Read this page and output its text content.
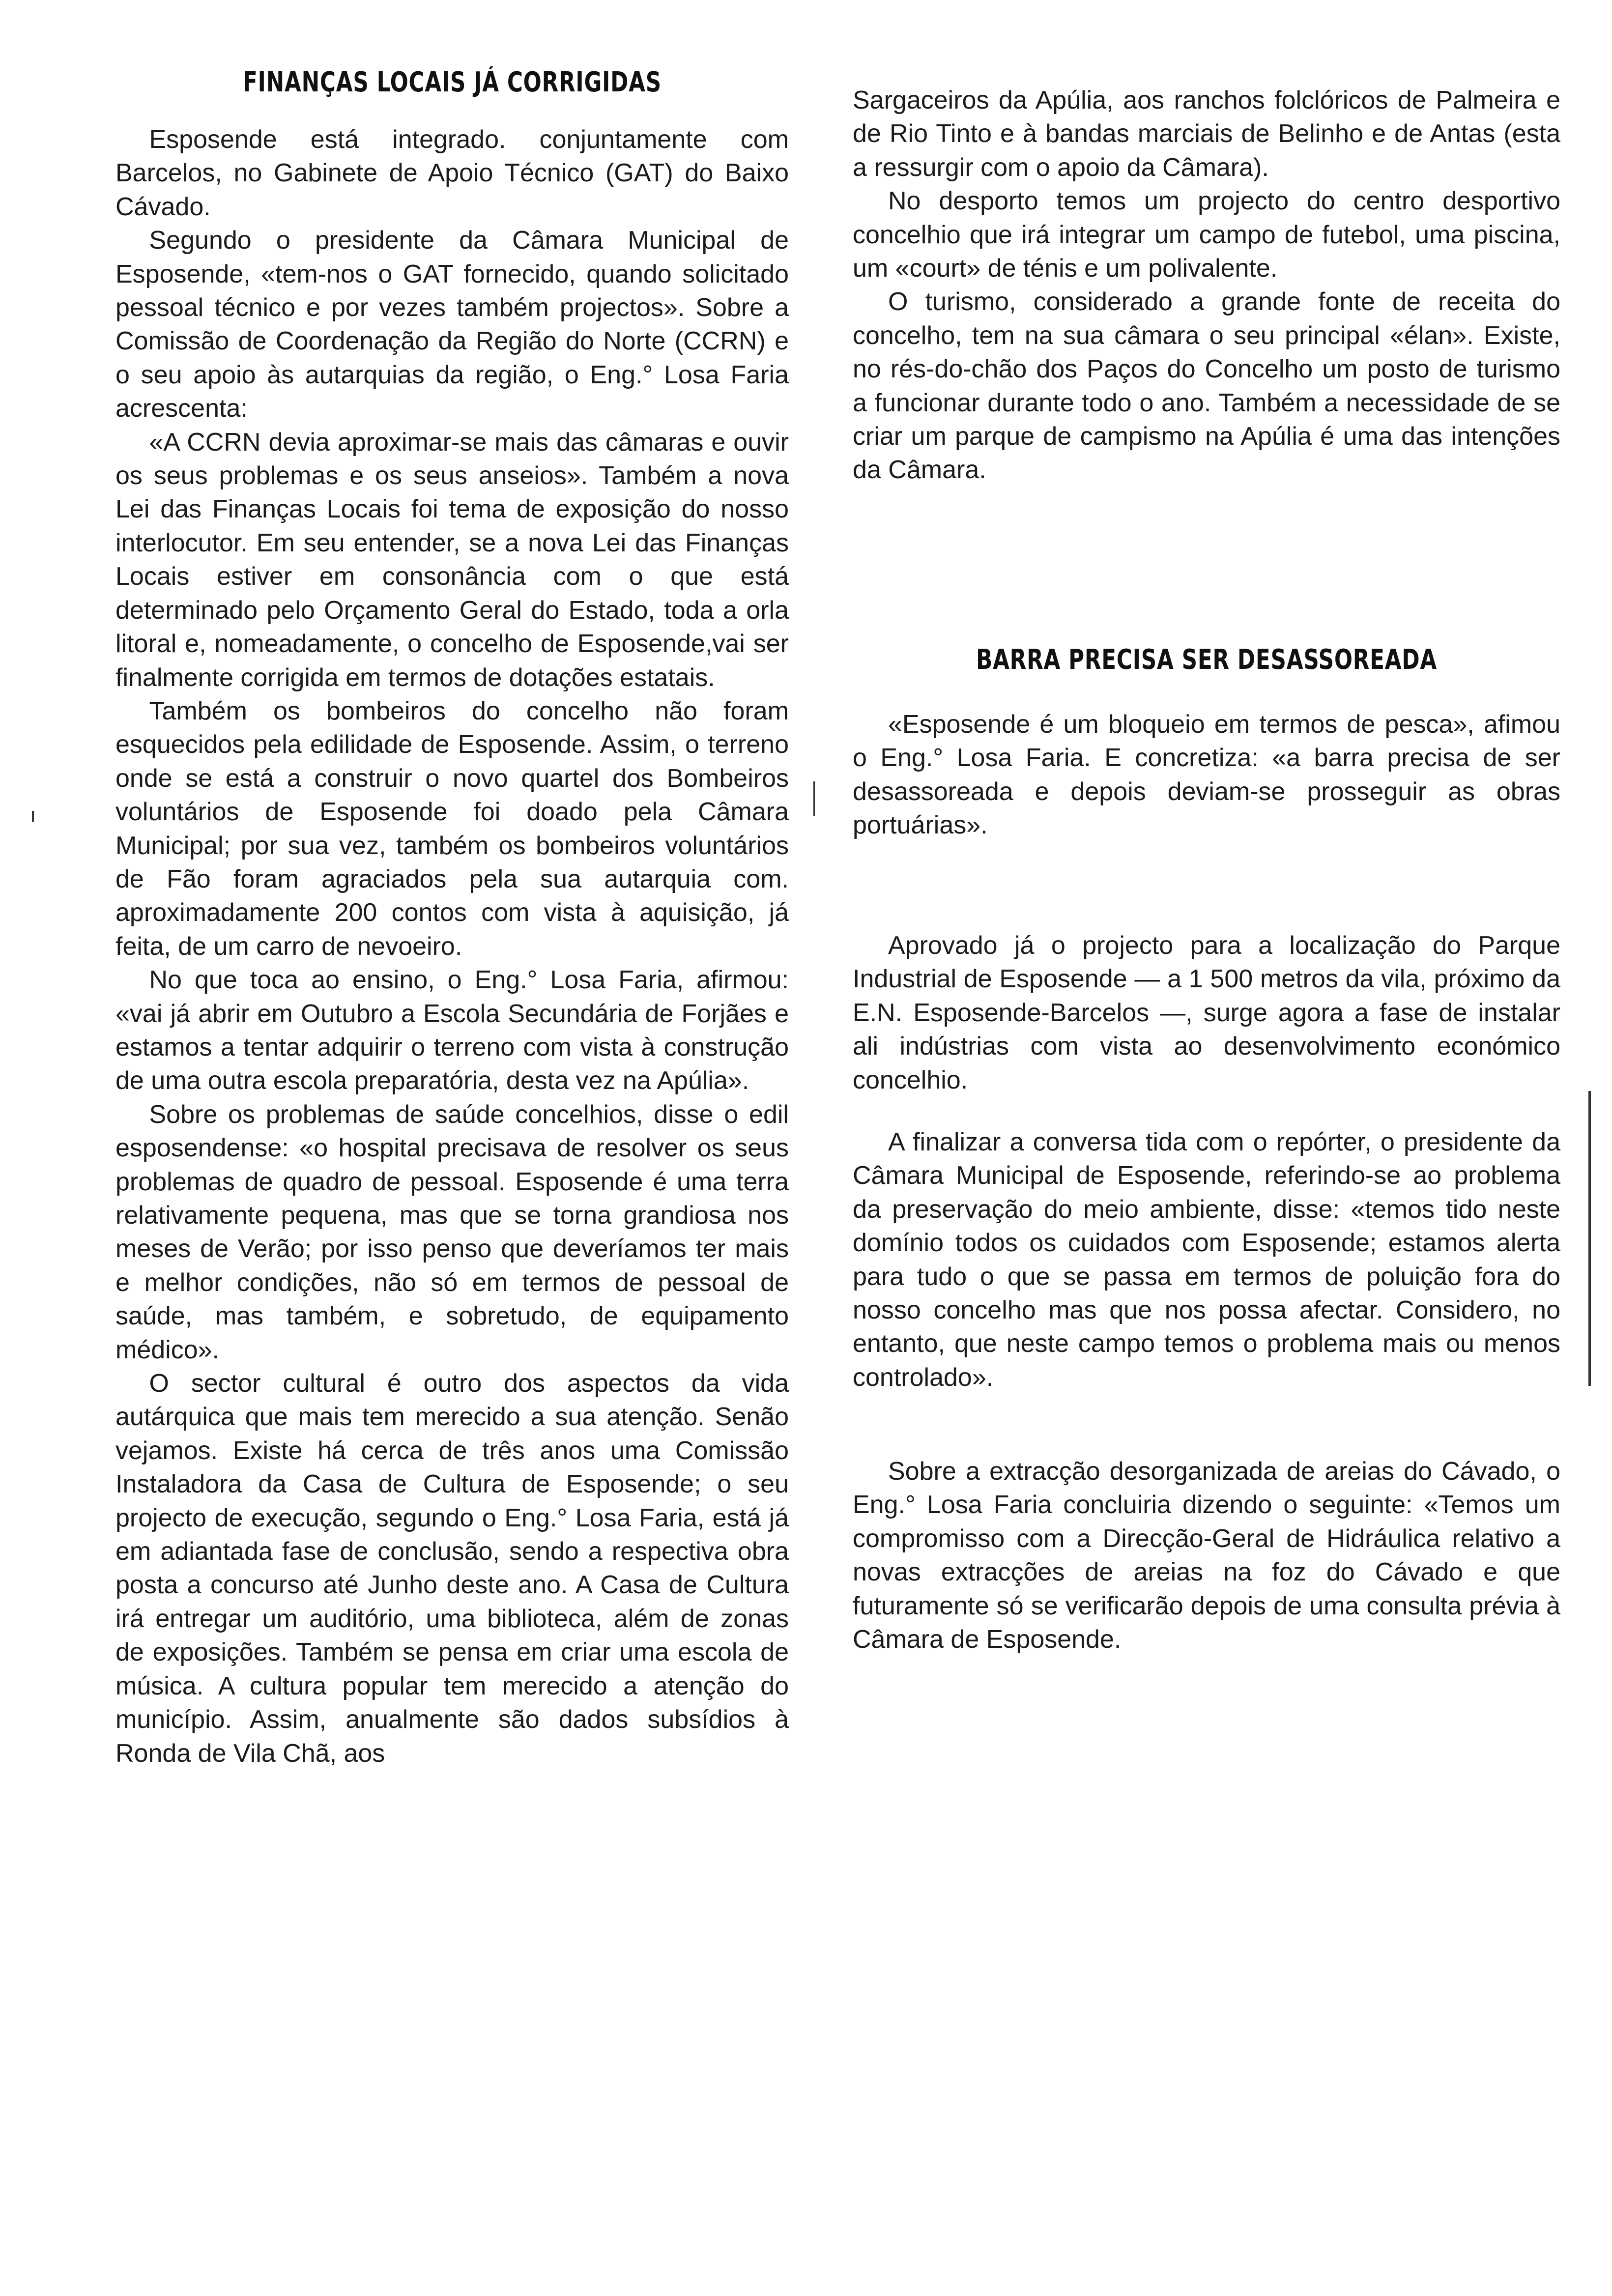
FINANÇAS LOCAIS JÁ CORRIGIDAS

Esposende está integrado. conjuntamente com Barcelos, no Gabinete de Apoio Técnico (GAT) do Baixo Cávado.

Segundo o presidente da Câmara Municipal de Esposende, «tem-nos o GAT fornecido, quando solicitado pessoal técnico e por vezes também projectos». Sobre a Comissão de Coordenação da Região do Norte (CCRN) e o seu apoio às autarquias da região, o Eng.° Losa Faria acrescenta:

«A CCRN devia aproximar-se mais das câmaras e ouvir os seus problemas e os seus anseios». Também a nova Lei das Finanças Locais foi tema de exposição do nosso interlocutor. Em seu entender, se a nova Lei das Finanças Locais estiver em consonância com o que está determinado pelo Orçamento Geral do Estado, toda a orla litoral e, nomeadamente, o concelho de Esposende,vai ser finalmente corrigida em termos de dotações estatais.

Também os bombeiros do concelho não foram esquecidos pela edilidade de Esposende. Assim, o terreno onde se está a construir o novo quartel dos Bombeiros voluntários de Esposende foi doado pela Câmara Municipal; por sua vez, também os bombeiros voluntários de Fão foram agraciados pela sua autarquia com. aproximadamente 200 contos com vista à aquisição, já feita, de um carro de nevoeiro.

No que toca ao ensino, o Eng.° Losa Faria, afirmou: «vai já abrir em Outubro a Escola Secundária de Forjães e estamos a tentar adquirir o terreno com vista à construção de uma outra escola preparatória, desta vez na Apúlia».

Sobre os problemas de saúde concelhios, disse o edil esposendense: «o hospital precisava de resolver os seus problemas de quadro de pessoal. Esposende é uma terra relativamente pequena, mas que se torna grandiosa nos meses de Verão; por isso penso que deveríamos ter mais e melhor condições, não só em termos de pessoal de saúde, mas também, e sobretudo, de equipamento médico».

O sector cultural é outro dos aspectos da vida autárquica que mais tem merecido a sua atenção. Senão vejamos. Existe há cerca de três anos uma Comissão Instaladora da Casa de Cultura de Esposende; o seu projecto de execução, segundo o Eng.° Losa Faria, está já em adiantada fase de conclusão, sendo a respectiva obra posta a concurso até Junho deste ano. A Casa de Cultura irá entregar um auditório, uma biblioteca, além de zonas de exposições. Também se pensa em criar uma escola de música. A cultura popular tem merecido a atenção do município. Assim, anualmente são dados subsídios à Ronda de Vila Chã, aos

Sargaceiros da Apúlia, aos ranchos folclóricos de Palmeira e de Rio Tinto e à bandas marciais de Belinho e de Antas (esta a ressurgir com o apoio da Câmara).

No desporto temos um projecto do centro desportivo concelhio que irá integrar um campo de futebol, uma piscina, um «court» de ténis e um polivalente.

O turismo, considerado a grande fonte de receita do concelho, tem na sua câmara o seu principal «élan». Existe, no rés-do-chão dos Paços do Concelho um posto de turismo a funcionar durante todo o ano. Também a necessidade de se criar um parque de campismo na Apúlia é uma das intenções da Câmara.

BARRA PRECISA SER DESASSOREADA

«Esposende é um bloqueio em termos de pesca», afimou o Eng.° Losa Faria. E concretiza: «a barra precisa de ser desassoreada e depois deviam-se prosseguir as obras portuárias».

Aprovado já o projecto para a localização do Parque Industrial de Esposende — a 1 500 metros da vila, próximo da E.N. Esposende-Barcelos —, surge agora a fase de instalar ali indústrias com vista ao desenvolvimento económico concelhio.

A finalizar a conversa tida com o repórter, o presidente da Câmara Municipal de Esposende, referindo-se ao problema da preservação do meio ambiente, disse: «temos tido neste domínio todos os cuidados com Esposende; estamos alerta para tudo o que se passa em termos de poluição fora do nosso concelho mas que nos possa afectar. Considero, no entanto, que neste campo temos o problema mais ou menos controlado».

Sobre a extracção desorganizada de areias do Cávado, o Eng.° Losa Faria concluiria dizendo o seguinte: «Temos um compromisso com a Direcção-Geral de Hidráulica relativo a novas extracções de areias na foz do Cávado e que futuramente só se verificarão depois de uma consulta prévia à Câmara de Esposende.
